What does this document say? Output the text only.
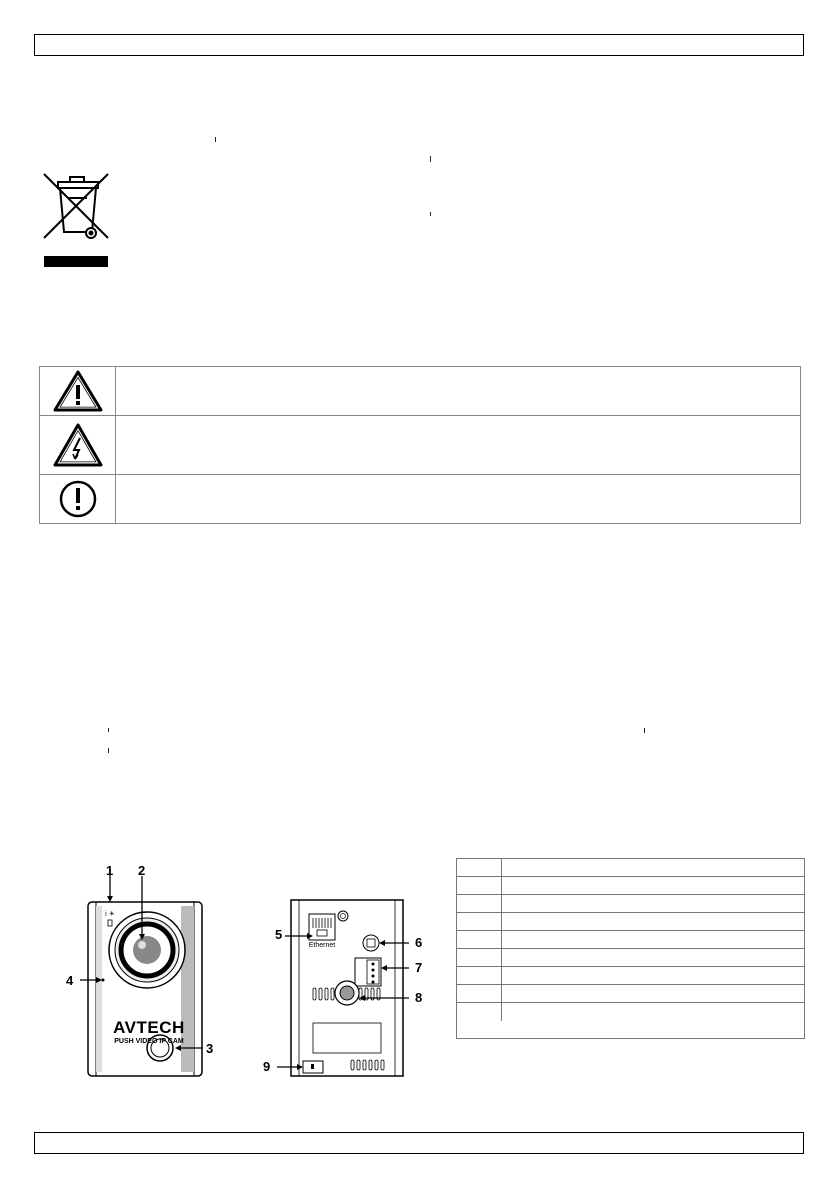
i ☀
AVTECH
PUSH VIDEO IP CAM
1 2
3
4
Ethernet
5
6
7
8
9
